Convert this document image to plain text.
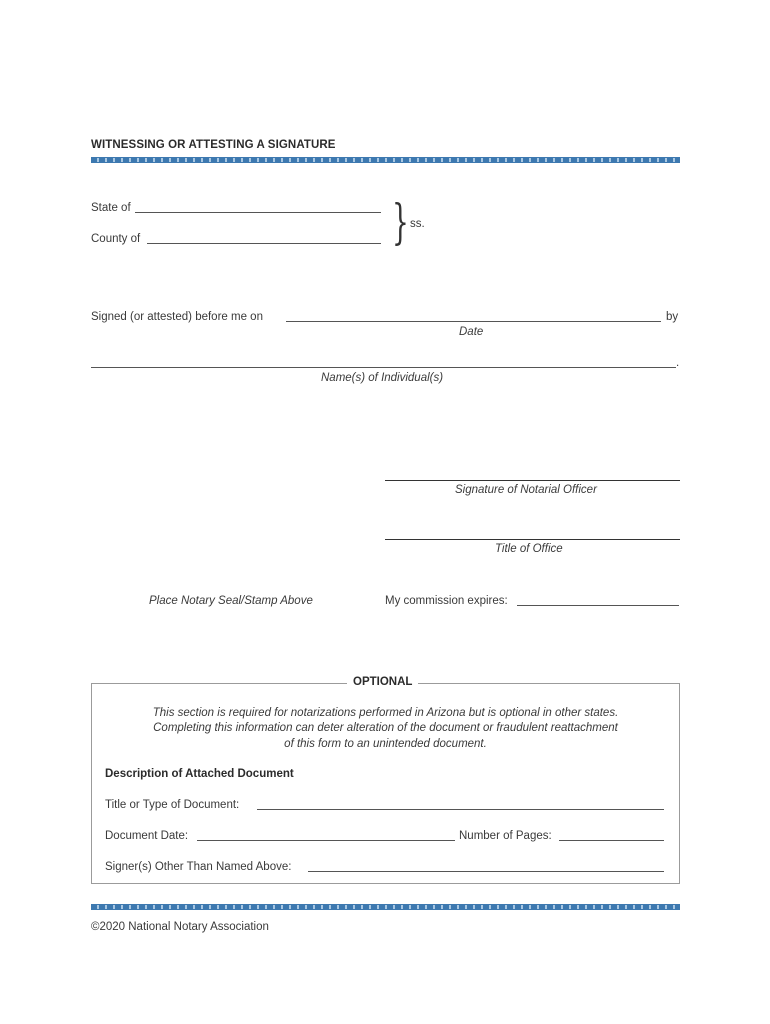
WITNESSING OR ATTESTING A SIGNATURE
State of
County of	} ss.
Signed (or attested) before me on	by
Date
.
Name(s) of Individual(s)
Signature of Notarial Officer
Title of Office
Place Notary Seal/Stamp Above	My commission expires:
OPTIONAL
This section is required for notarizations performed in Arizona but is optional in other states.
Completing this information can deter alteration of the document or fraudulent reattachment
of this form to an unintended document.
Description of Attached Document
Title or Type of Document:
Document Date:	Number of Pages:
Signer(s) Other Than Named Above:
©2020 National Notary Association
